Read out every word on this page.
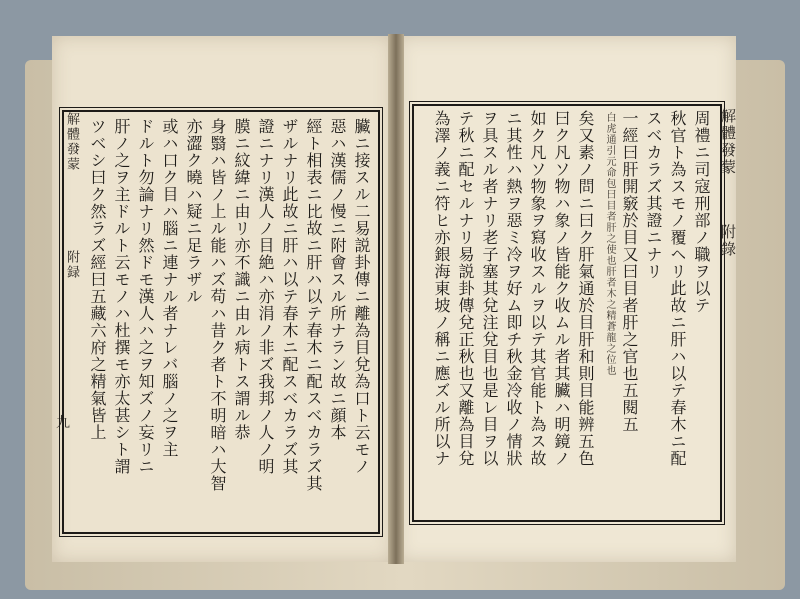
解體發蒙
附録
九
解體發蒙
附錄
臟ニ接スル二易説卦傳ニ離為目兌為口ト云モノ
惡ハ漢儒ノ慢ニ附會スル所ナラン故ニ顔本
經ト相表ニ比故ニ肝ハ以テ春木ニ配スベカラズ其
ザルナリ此故ニ肝ハ以テ春木ニ配スベカラズ其
證ニナリ漢人ノ目絶ハ亦涓ノ非ズ我邦ノ人ノ明
膜ニ紋緯ニ由リ亦不識ニ由ル病トス謂ル恭
身翳ハ皆ノ上ル能ハズ苟ハ昔ク者ト不明暗ハ大智
亦澀ク曉ハ疑ニ足ラザル
或ハ口ク目ハ腦ニ連ナル者ナレバ腦ノ之ヲ主
ドルト勿論ナリ然ドモ漢人ハ之ヲ知ズノ妄リニ
肝ノ之ヲ主ドルト云モノハ杜撰モ亦太甚シト謂
ツベシ曰ク然ラズ經曰五藏六府之精氣皆上	周禮ニ司寇刑部ノ職ヲ以テ
秋官ト為スモノ覆ヘリ此故ニ肝ハ以テ春木ニ配
スベカラズ其證ニナリ
一經曰肝開竅於目又曰目者肝之官也五閱五
白虎通引元命包曰目者肝之使也肝者木之精蒼龍之位也
矣又素ノ問ニ曰ク肝氣通於目肝和則目能辨五色
曰ク凡ソ物ハ象ノ皆能ク收ムル者其臟ハ明鏡ノ
如ク凡ソ物象ヲ寫收スルヲ以テ其官能ト為ス故
ニ其性ハ熱ヲ惡ミ冷ヲ好ム即チ秋金冷收ノ情狀
ヲ具スル者ナリ老子塞其兌注兌目也是レ目ヲ以
テ秋ニ配セルナリ易説卦傳兌正秋也又離為目兌
為澤ノ義ニ符ヒ亦銀海東坡ノ稱ニ應ズル所以ナ
